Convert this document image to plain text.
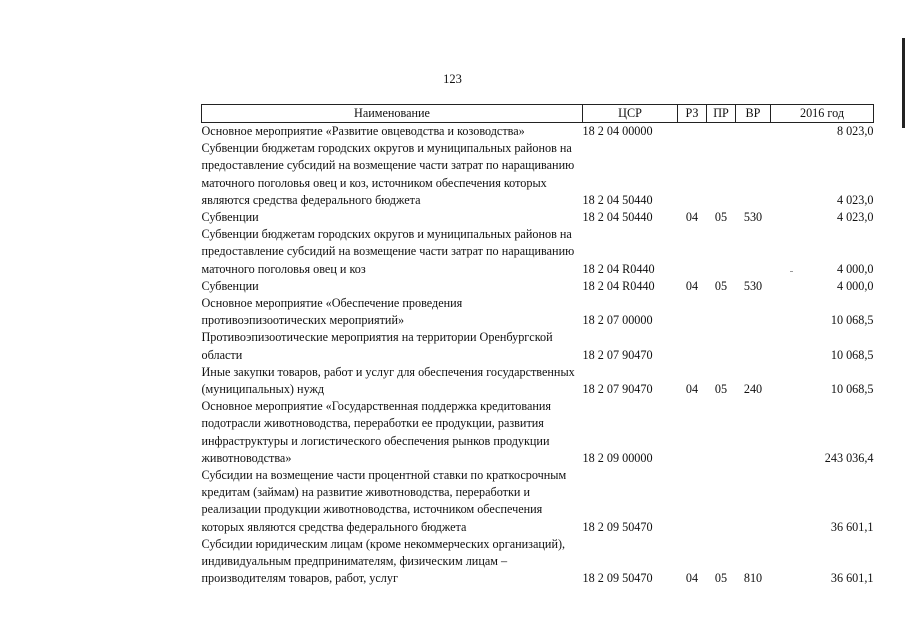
123
Наименование	ЦСР	РЗ	ПР	ВР	2016 год
Основное мероприятие «Развитие овцеводства и козоводства»	18 2 04 00000				8 023,0
Субвенции бюджетам городских округов и муниципальных районов на предоставление субсидий на возмещение части затрат по наращиванию маточного поголовья овец и коз, источником обеспечения которых являются средства федерального бюджета	18 2 04 50440				4 023,0
Субвенции	18 2 04 50440	04	05	530	4 023,0
Субвенции бюджетам городских округов и муниципальных районов на предоставление субсидий на возмещение части затрат по наращиванию маточного поголовья овец и коз	18 2 04 R0440				4 000,0
Субвенции	18 2 04 R0440	04	05	530	4 000,0
Основное мероприятие «Обеспечение проведения противоэпизоотических мероприятий»	18 2 07 00000				10 068,5
Противоэпизоотические мероприятия на территории Оренбургской области	18 2 07 90470				10 068,5
Иные закупки товаров, работ и услуг для обеспечения государственных (муниципальных) нужд	18 2 07 90470	04	05	240	10 068,5
Основное мероприятие «Государственная поддержка кредитования подотрасли животноводства, переработки ее продукции, развития инфраструктуры и логистического обеспечения рынков продукции животноводства»	18 2 09 00000				243 036,4
Субсидии на возмещение части процентной ставки по краткосрочным кредитам (займам) на развитие животноводства, переработки и реализации продукции животноводства, источником обеспечения которых являются средства федерального бюджета	18 2 09 50470				36 601,1
Субсидии юридическим лицам (кроме некоммерческих организаций), индивидуальным предпринимателям, физическим лицам – производителям товаров, работ, услуг	18 2 09 50470	04	05	810	36 601,1
